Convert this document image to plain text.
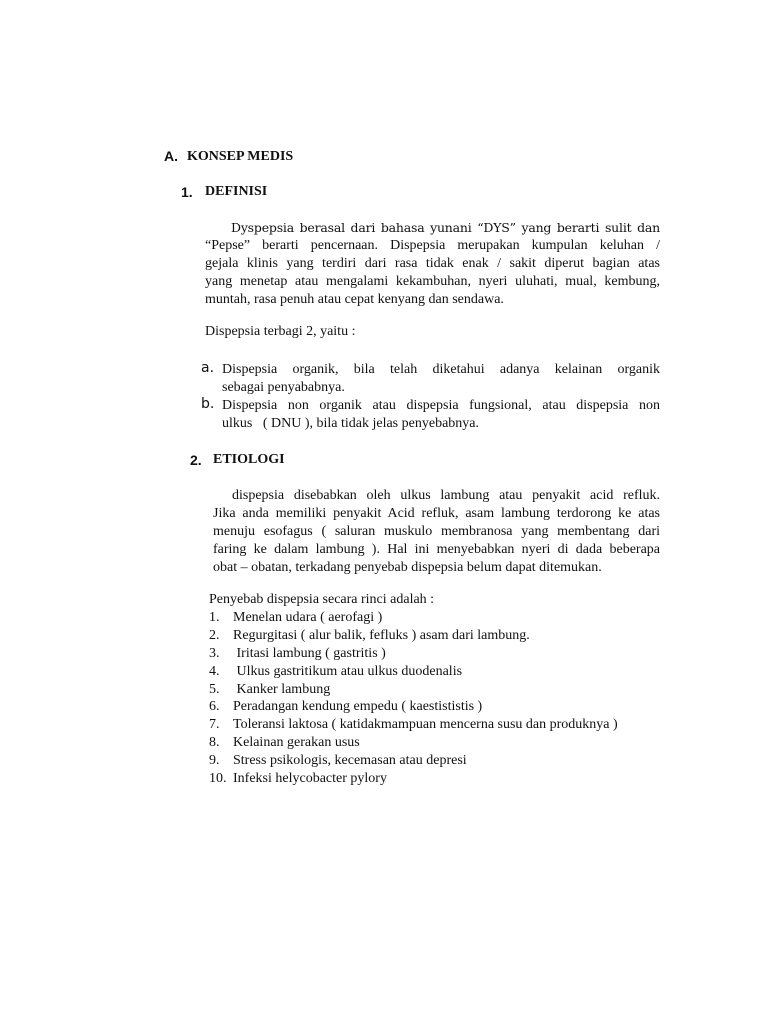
A. KONSEP MEDIS
1. DEFINISI
Dyspepsia berasal dari bahasa yunani “DYS” yang berarti sulit dan
“Pepse” berarti pencernaan. Dispepsia merupakan kumpulan keluhan /
gejala klinis yang terdiri dari rasa tidak enak / sakit diperut bagian atas
yang menetap atau mengalami kekambuhan, nyeri uluhati, mual, kembung,
muntah, rasa penuh atau cepat kenyang dan sendawa.
Dispepsia terbagi 2, yaitu :
a. Dispepsia organik, bila telah diketahui adanya kelainan organik
sebagai penyababnya.
b. Dispepsia non organik atau dispepsia fungsional, atau dispepsia non
ulkus   ( DNU ), bila tidak jelas penyebabnya.
2. ETIOLOGI
dispepsia disebabkan oleh ulkus lambung atau penyakit acid refluk.
Jika anda memiliki penyakit Acid refluk, asam lambung terdorong ke atas
menuju esofagus ( saluran muskulo membranosa yang membentang dari
faring ke dalam lambung ). Hal ini menyebabkan nyeri di dada beberapa
obat – obatan, terkadang penyebab dispepsia belum dapat ditemukan.
Penyebab dispepsia secara rinci adalah :
1. Menelan udara ( aerofagi )
2. Regurgitasi ( alur balik, fefluks ) asam dari lambung.
3. Iritasi lambung ( gastritis )
4. Ulkus gastritikum atau ulkus duodenalis
5. Kanker lambung
6. Peradangan kendung empedu ( kaestististis )
7. Toleransi laktosa ( katidakmampuan mencerna susu dan produknya )
8. Kelainan gerakan usus
9. Stress psikologis, kecemasan atau depresi
10. Infeksi helycobacter pylory
